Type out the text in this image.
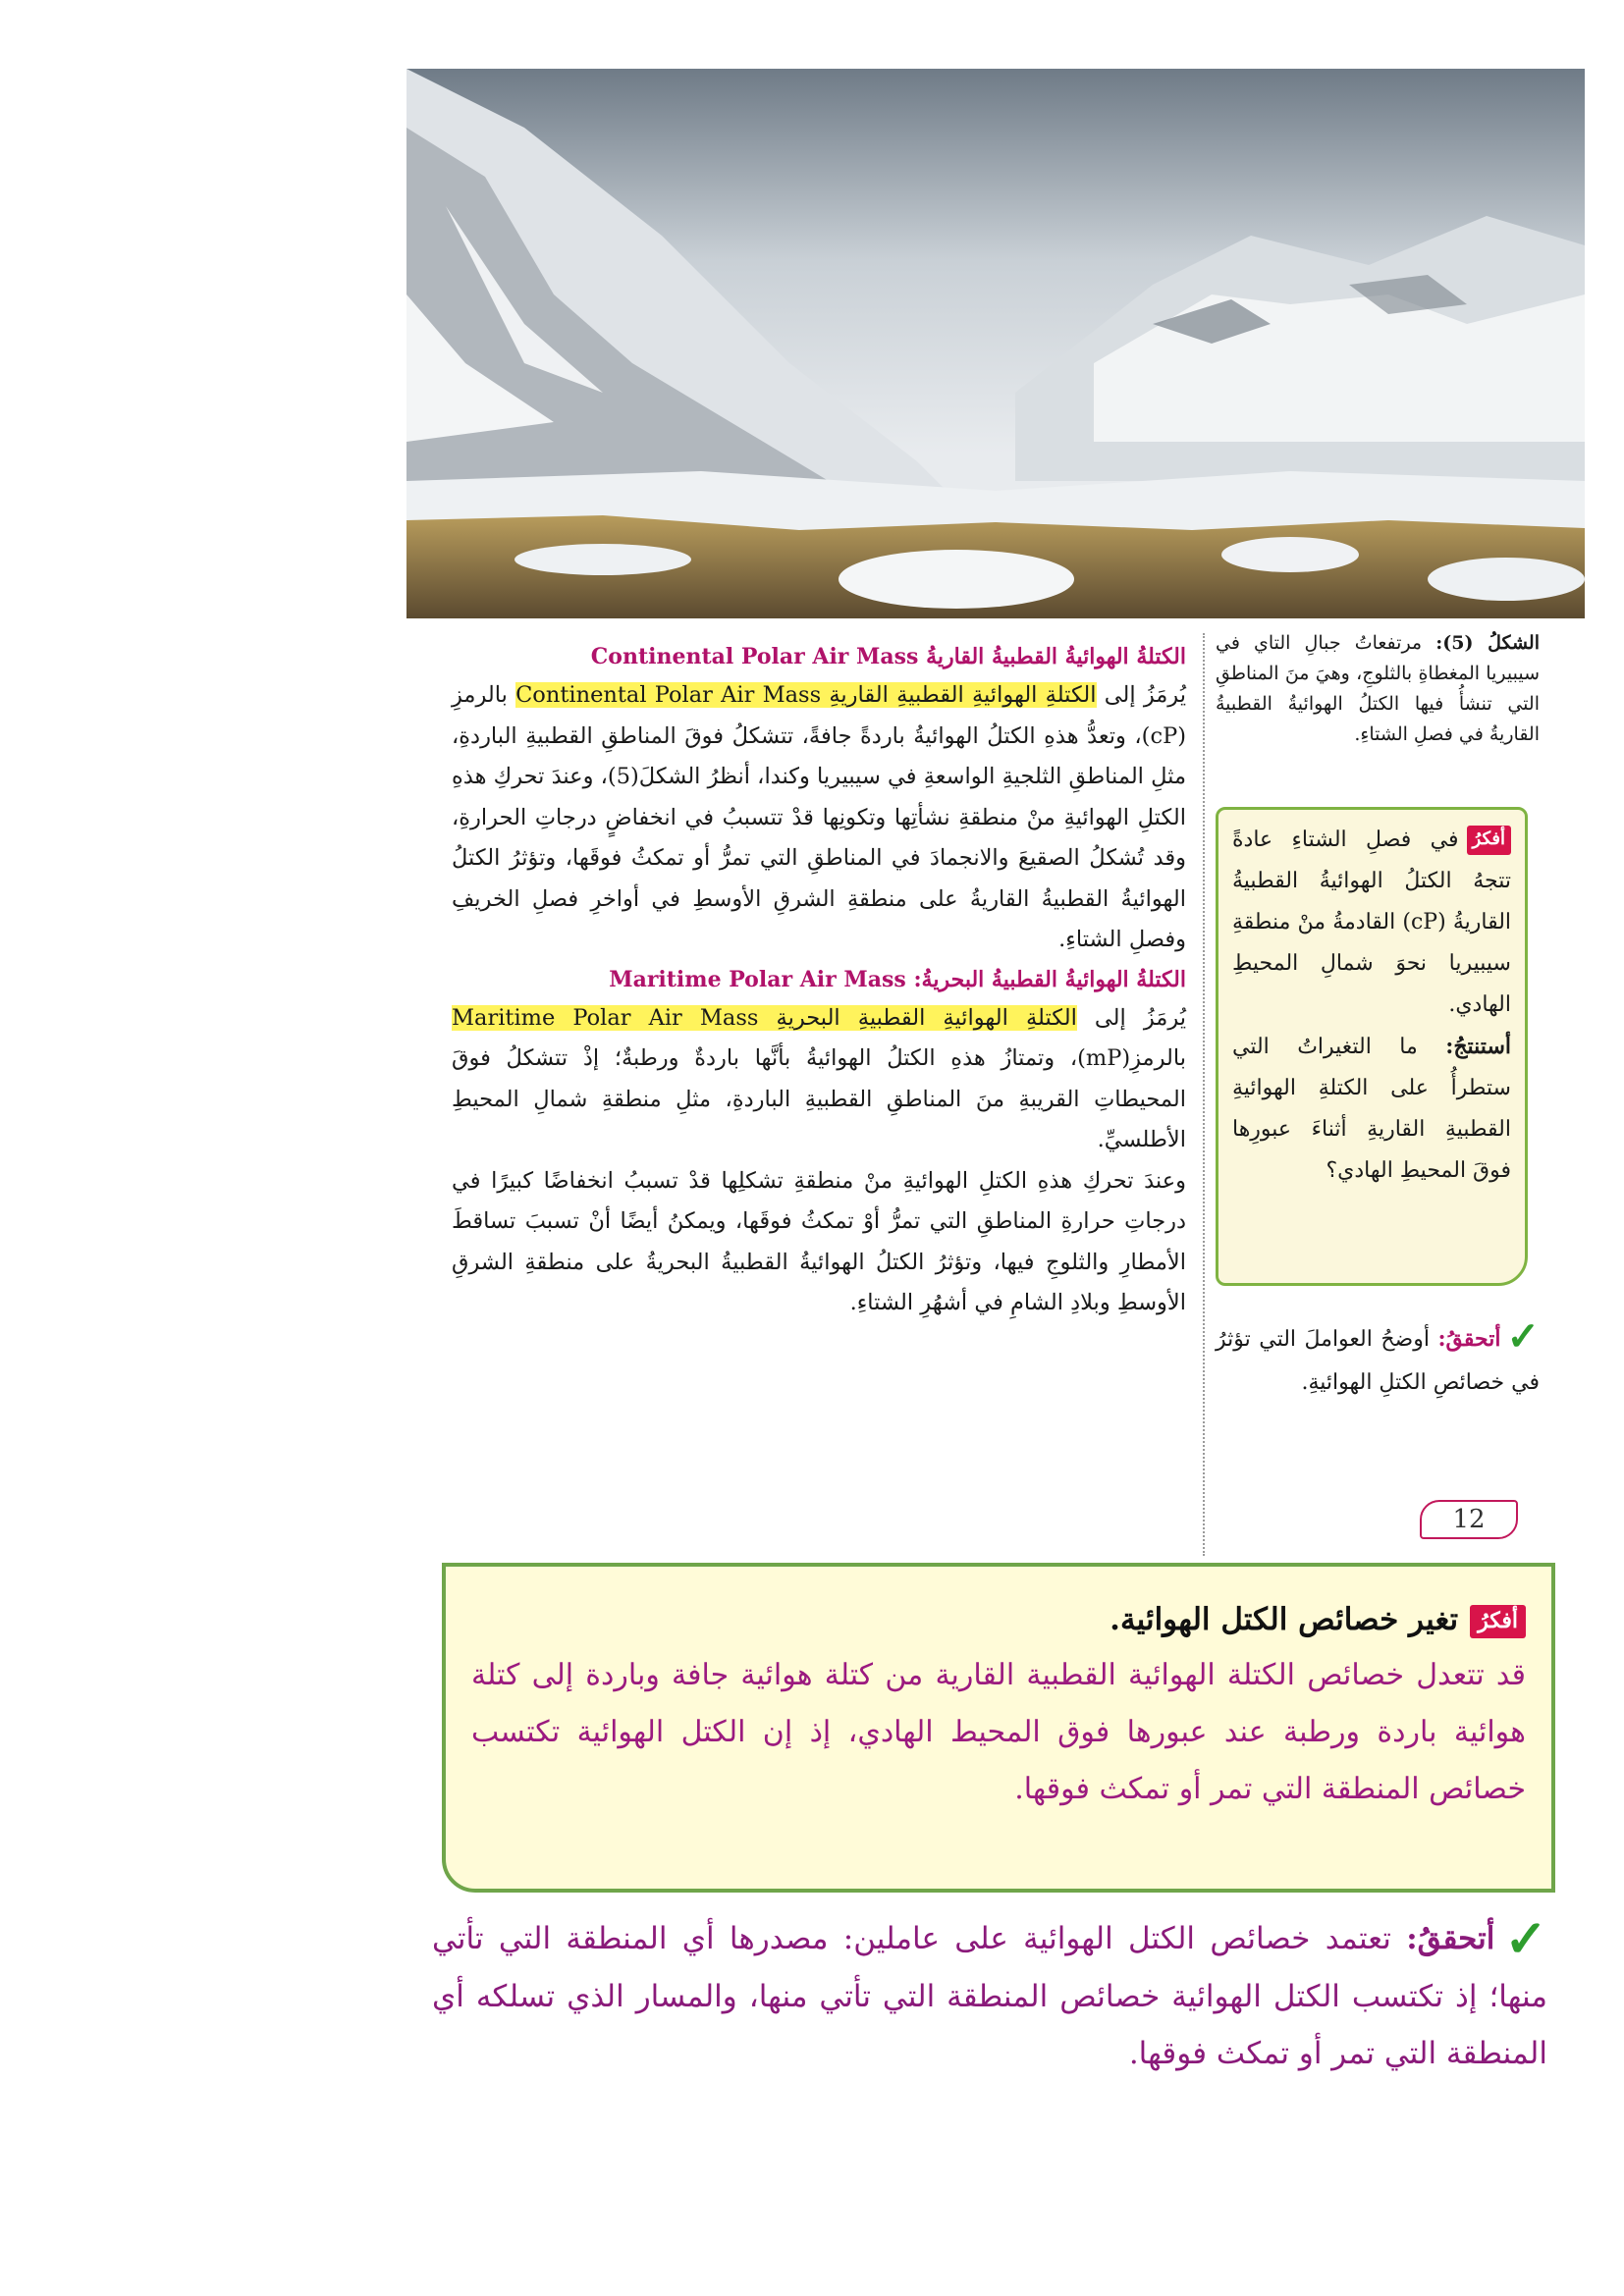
الكتلةُ الهوائيةُ القطبيةُ القاريةُ Continental Polar Air Mass

يُرمَزُ إلى الكتلةِ الهوائيةِ القطبيةِ القاريةِ Continental Polar Air Mass بالرمزِ (cP)، وتعدُّ هذهِ الكتلُ الهوائيةُ باردةً جافةً، تتشكلُ فوقَ المناطقِ القطبيةِ الباردةِ، مثلِ المناطقِ الثلجيةِ الواسعةِ في سيبيريا وكندا، أنظرُ الشكلَ(5)، وعندَ تحركِ هذهِ الكتلِ الهوائيةِ منْ منطقةِ نشأتِها وتكونِها قدْ تتسببُ في انخفاضٍ درجاتِ الحرارةِ، وقد تُشكلُ الصقيعَ والانجمادَ في المناطقِ التي تمرُّ أو تمكثُ فوقَها، وتؤثرُ الكتلُ الهوائيةُ القطبيةُ القاريةُ على منطقةِ الشرقِ الأوسطِ في أواخرِ فصلِ الخريفِ وفصلِ الشتاءِ.

الكتلةُ الهوائيةُ القطبيةُ البحريةُ: Maritime Polar Air Mass

يُرمَزُ إلى الكتلةِ الهوائيةِ القطبيةِ البحريةِ Maritime Polar Air Mass بالرمزِ(mP)، وتمتازُ هذهِ الكتلُ الهوائيةُ بأنَّها باردةٌ ورطبةٌ؛ إذْ تتشكلُ فوقَ المحيطاتِ القريبةِ منَ المناطقِ القطبيةِ الباردةِ، مثلِ منطقةِ شمالِ المحيطِ الأطلسيِّ.

وعندَ تحركِ هذهِ الكتلِ الهوائيةِ منْ منطقةِ تشكلِها قدْ تسببُ انخفاضًا كبيرًا في درجاتِ حرارةِ المناطقِ التي تمرُّ أوْ تمكثُ فوقَها، ويمكنُ أيضًا أنْ تسببَ تساقطَ الأمطارِ والثلوجِ فيها، وتؤثرُ الكتلُ الهوائيةُ القطبيةُ البحريةُ على منطقةِ الشرقِ الأوسطِ وبلادِ الشامِ في أشهُرِ الشتاءِ.

الشكلُ (5): مرتفعاتُ جبالِ التاي في سيبيريا المغطاةِ بالثلوجِ، وهيَ منَ المناطقِ التي تنشأُ فيها الكتلُ الهوائيةُ القطبيةُ القاريةُ في فصلِ الشتاءِ.
أفكرُفي فصلِ الشتاءِ عادةً تتجهُ الكتلُ الهوائيةُ القطبيةُ القاريةُ (cP) القادمةُ منْ منطقةِ سيبيريا نحوَ شمالِ المحيطِ الهادي.
أستنتجُ: ما التغيراتُ التي ستطرأُ على الكتلةِ الهوائيةِ القطبيةِ القاريةِ أثناءَ عبورِها فوقَ المحيطِ الهادي؟
✓أتحققُ: أوضحُ العواملَ التي تؤثرُ في خصائصِ الكتلِ الهوائيةِ.
12
أفكرُتغير خصائص الكتل الهوائية.
قد تتعدل خصائص الكتلة الهوائية القطبية القارية من كتلة هوائية جافة وباردة إلى كتلة هوائية باردة ورطبة عند عبورها فوق المحيط الهادي، إذ إن الكتل الهوائية تكتسب خصائص المنطقة التي تمر أو تمكث فوقها.
✓أتحققُ: تعتمد خصائص الكتل الهوائية على عاملين: مصدرها أي المنطقة التي تأتي منها؛ إذ تكتسب الكتل الهوائية خصائص المنطقة التي تأتي منها، والمسار الذي تسلكه أي المنطقة التي تمر أو تمكث فوقها.
